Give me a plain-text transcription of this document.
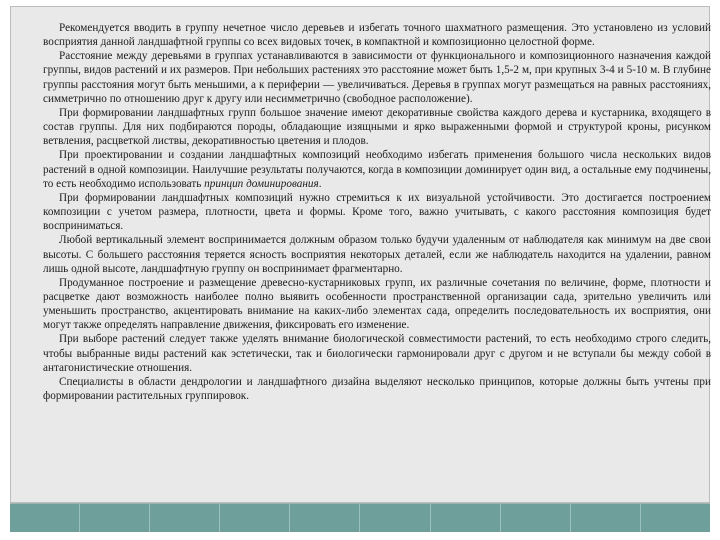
Рекомендуется вводить в группу нечетное число деревьев и избегать точного шахматного размещения. Это установлено из условий восприятия данной ландшафтной группы со всех видовых точек, в компактной и композиционно целостной форме.

Расстояние между деревьями в группах устанавливаются в зависимости от функционального и композиционного назначения каждой группы, видов растений и их размеров. При небольших растениях это расстояние может быть 1,5-2 м, при крупных 3-4 и 5-10 м. В глубине группы расстояния могут быть меньшими, а к периферии — увеличиваться. Деревья в группах могут размещаться на равных расстояниях, симметрично по отношению друг к другу или несимметрично (свободное расположение).

При формировании ландшафтных групп большое значение имеют декоративные свойства каждого дерева и кустарника, входящего в состав группы. Для них подбираются породы, обладающие изящными и ярко выраженными формой и структурой кроны, рисунком ветвления, расцветкой листвы, декоративностью цветения и плодов.

При проектировании и создании ландшафтных композиций необходимо избегать применения большого числа нескольких видов растений в одной композиции. Наилучшие результаты получаются, когда в композиции доминирует один вид, а остальные ему подчинены, то есть необходимо использовать принцип доминирования.

При формировании ландшафтных композиций нужно стремиться к их визуальной устойчивости. Это достигается построением композиции с учетом размера, плотности, цвета и формы. Кроме того, важно учитывать, с какого расстояния композиция будет восприниматься.

Любой вертикальный элемент воспринимается должным образом только будучи удаленным от наблюдателя как минимум на две свои высоты. С большего расстояния теряется ясность восприятия некоторых деталей, если же наблюдатель находится на удалении, равном лишь одной высоте, ландшафтную группу он воспринимает фрагментарно.

Продуманное построение и размещение древесно-кустарниковых групп, их различные сочетания по величине, форме, плотности и расцветке дают возможность наиболее полно выявить особенности пространственной организации сада, зрительно увеличить или уменьшить пространство, акцентировать внимание на каких-либо элементах сада, определить последовательность их восприятия, они могут также определять направление движения, фиксировать его изменение.

При выборе растений следует также уделять внимание биологической совместимости растений, то есть необходимо строго следить, чтобы выбранные виды растений как эстетически, так и биологически гармонировали друг с другом и не вступали бы между собой в антагонистические отношения.

Специалисты в области дендрологии и ландшафтного дизайна выделяют несколько принципов, которые должны быть учтены при формировании растительных группировок.
